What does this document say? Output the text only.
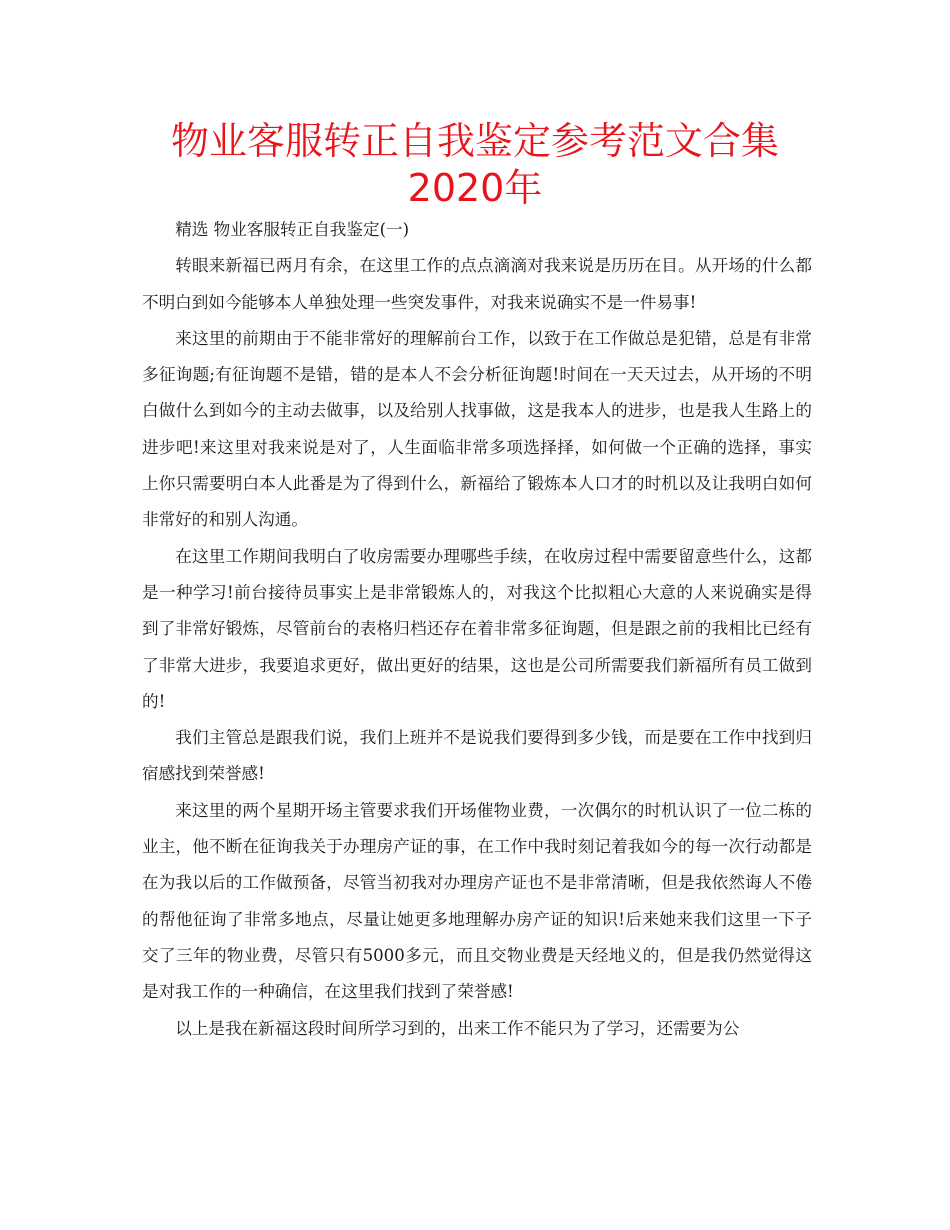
物业客服转正自我鉴定参考范文合集2020年

精选 物业客服转正自我鉴定(一)

转眼来新福已两月有余，在这里工作的点点滴滴对我来说是历历在目。从开场的什么都不明白到如今能够本人单独处理一些突发事件，对我来说确实不是一件易事!

来这里的前期由于不能非常好的理解前台工作，以致于在工作做总是犯错，总是有非常多征询题;有征询题不是错，错的是本人不会分析征询题!时间在一天天过去，从开场的不明白做什么到如今的主动去做事，以及给别人找事做，这是我本人的进步，也是我人生路上的进步吧!来这里对我来说是对了，人生面临非常多项选择择，如何做一个正确的选择，事实上你只需要明白本人此番是为了得到什么，新福给了锻炼本人口才的时机以及让我明白如何非常好的和别人沟通。

在这里工作期间我明白了收房需要办理哪些手续，在收房过程中需要留意些什么，这都是一种学习!前台接待员事实上是非常锻炼人的，对我这个比拟粗心大意的人来说确实是得到了非常好锻炼，尽管前台的表格归档还存在着非常多征询题，但是跟之前的我相比已经有了非常大进步，我要追求更好，做出更好的结果，这也是公司所需要我们新福所有员工做到的!

我们主管总是跟我们说，我们上班并不是说我们要得到多少钱，而是要在工作中找到归宿感找到荣誉感!

来这里的两个星期开场主管要求我们开场催物业费，一次偶尔的时机认识了一位二栋的业主，他不断在征询我关于办理房产证的事，在工作中我时刻记着我如今的每一次行动都是在为我以后的工作做预备，尽管当初我对办理房产证也不是非常清晰，但是我依然诲人不倦的帮他征询了非常多地点，尽量让她更多地理解办房产证的知识!后来她来我们这里一下子交了三年的物业费，尽管只有5000多元，而且交物业费是天经地义的，但是我仍然觉得这是对我工作的一种确信，在这里我们找到了荣誉感!

以上是我在新福这段时间所学习到的，出来工作不能只为了学习，还需要为公
